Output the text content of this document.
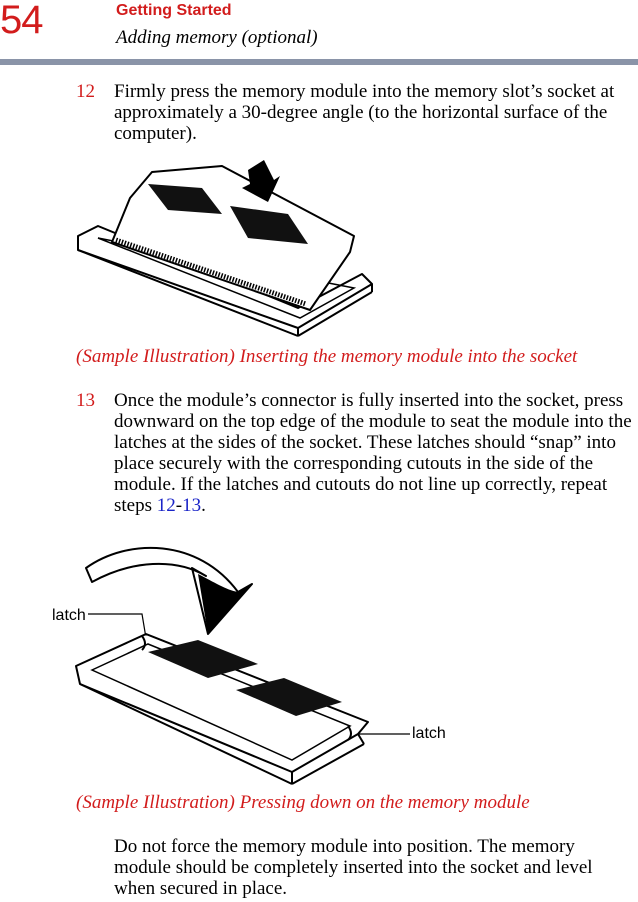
54	Getting Started
Adding memory (optional)
12	Firmly press the memory module into the memory slot’s socket at approximately a 30-degree angle (to the horizontal surface of the computer).
(Sample Illustration) Inserting the memory module into the socket
13	Once the module’s connector is fully inserted into the socket, press downward on the top edge of the module to seat the module into the latches at the sides of the socket. These latches should “snap” into place securely with the corresponding cutouts in the side of the module. If the latches and cutouts do not line up correctly, repeat steps 12-13.
latch
latch
(Sample Illustration) Pressing down on the memory module
Do not force the memory module into position. The memory module should be completely inserted into the socket and level when secured in place.
